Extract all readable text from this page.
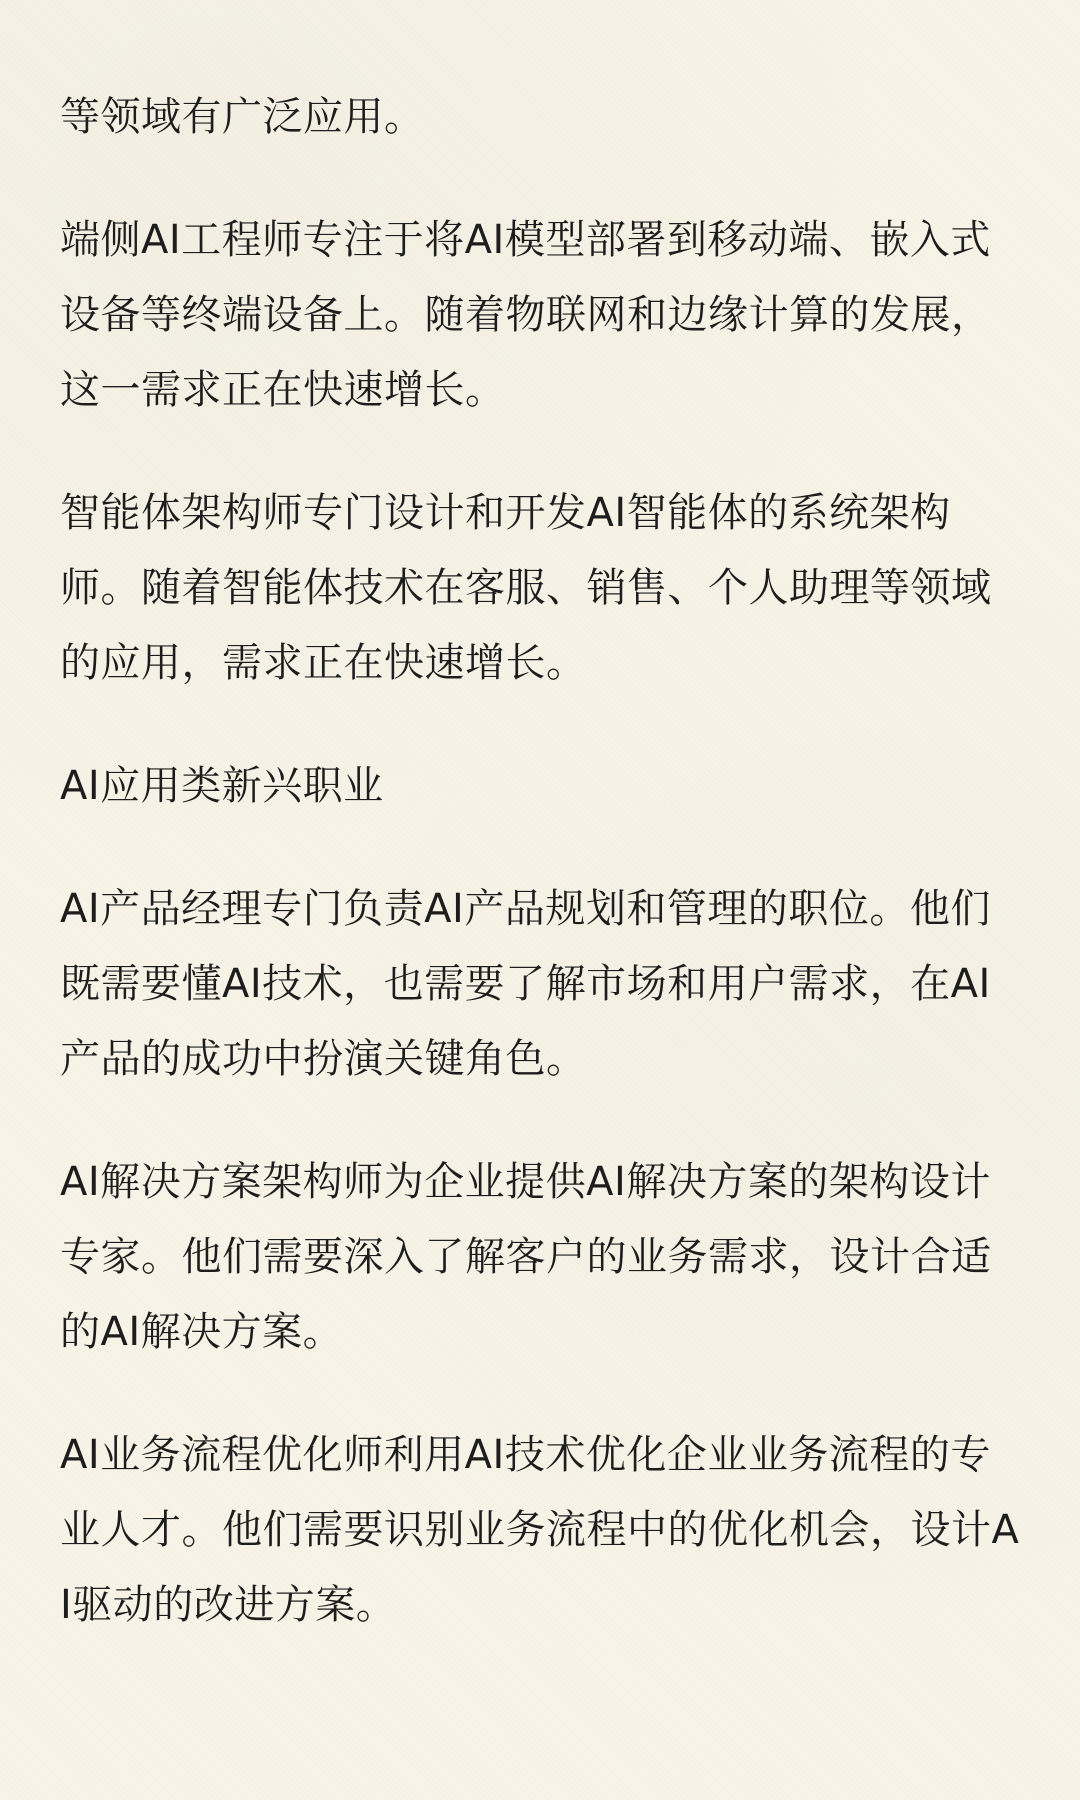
等领域有广泛应用。

端侧AI工程师专注于将AI模型部署到移动端、嵌入式设备等终端设备上。随着物联网和边缘计算的发展，这一需求正在快速增长。

智能体架构师专门设计和开发AI智能体的系统架构师。随着智能体技术在客服、销售、个人助理等领域的应用，需求正在快速增长。

AI应用类新兴职业

AI产品经理专门负责AI产品规划和管理的职位。他们既需要懂AI技术，也需要了解市场和用户需求，在AI产品的成功中扮演关键角色。

AI解决方案架构师为企业提供AI解决方案的架构设计专家。他们需要深入了解客户的业务需求，设计合适的AI解决方案。

AI业务流程优化师利用AI技术优化企业业务流程的专业人才。他们需要识别业务流程中的优化机会，设计AI驱动的改进方案。
